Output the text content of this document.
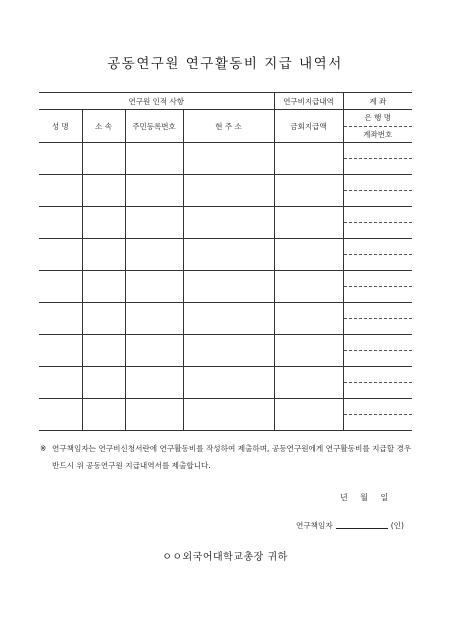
공동연구원 연구활동비 지급 내역서
연구원 인적 사항				연구비지급내역	계 좌
성 명	소 속	주민등록번호	현 주 소	금회지급액	은 행 명
계좌번호

※ 연구책임자는 연구비신청서란에 연구활동비를 작성하여 제출하며, 공동연구원에게 연구활동비를 지급할 경우 반드시 위 공동연구원 지급내역서를 제출합니다.
년 월 일
연구책임자	(인)
ㅇㅇ외국어대학교총장 귀하
